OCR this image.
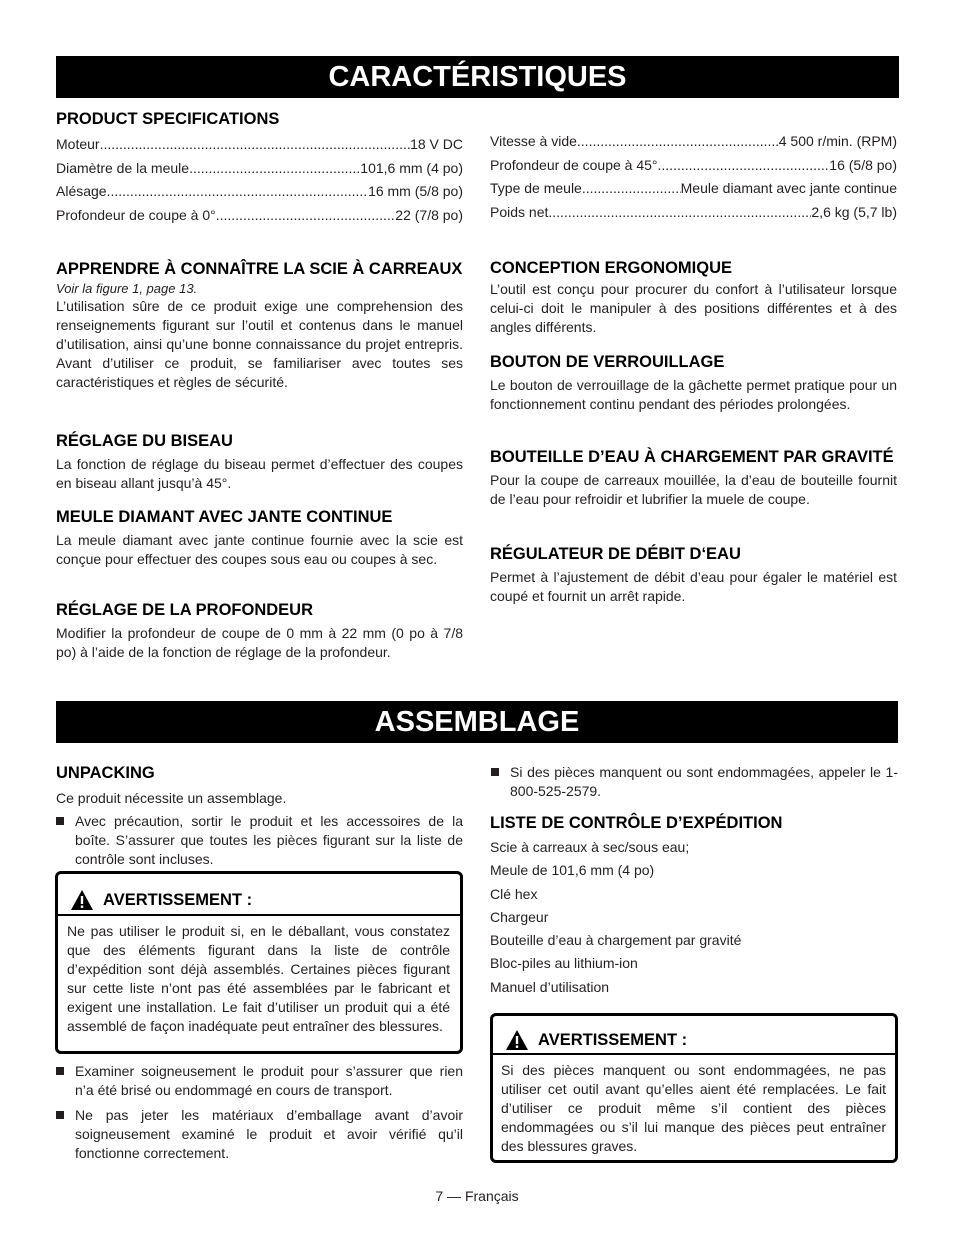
CARACTÉRISTIQUES
PRODUCT SPECIFICATIONS
Moteur .....	18 V DC
Diamètre de la meule .....	101,6 mm (4 po)
Alésage .....	16 mm (5/8 po)
Profondeur de coupe à 0° .....	22 (7/8 po)
Vitesse à vide .....	4 500 r/min. (RPM)
Profondeur de coupe à 45° .....	16 (5/8 po)
Type de meule .....	Meule diamant avec jante continue
Poids net .....	2,6 kg (5,7 lb)
APPRENDRE À CONNAÎTRE LA SCIE À CARREAUX
Voir la figure 1, page 13.
L’utilisation sûre de ce produit exige une comprehension des renseignements figurant sur l’outil et contenus dans le manuel d’utilisation, ainsi qu’une bonne connaissance du projet entrepris. Avant d’utiliser ce produit, se familiariser avec toutes ses caractéristiques et règles de sécurité.
RÉGLAGE DU BISEAU
La fonction de réglage du biseau permet d’effectuer des coupes en biseau allant jusqu’à 45°.
MEULE DIAMANT AVEC JANTE CONTINUE
La meule diamant avec jante continue fournie avec la scie est conçue pour effectuer des coupes sous eau ou coupes à sec.
RÉGLAGE DE LA PROFONDEUR
Modifier la profondeur de coupe de 0 mm à 22 mm (0 po à 7/8 po) à l’aide de la fonction de réglage de la profondeur.
CONCEPTION ERGONOMIQUE
L’outil est conçu pour procurer du confort à l’utilisateur lorsque celui-ci doit le manipuler à des positions différentes et à des angles différents.
BOUTON DE VERROUILLAGE
Le bouton de verrouillage de la gâchette permet pratique pour un fonctionnement continu pendant des périodes prolongées.
BOUTEILLE D’EAU À CHARGEMENT PAR GRAVITÉ
Pour la coupe de carreaux mouillée, la d’eau de bouteille fournit de l’eau pour refroidir et lubrifier la muele de coupe.
RÉGULATEUR DE DÉBIT D‘EAU
Permet à l’ajustement de débit d’eau pour égaler le matériel est coupé et fournit un arrêt rapide.
ASSEMBLAGE
UNPACKING
Ce produit nécessite un assemblage.
Avec précaution, sortir le produit et les accessoires de la boîte. S’assurer que toutes les pièces figurant sur la liste de contrôle sont incluses.
AVERTISSEMENT :
Ne pas utiliser le produit si, en le déballant, vous constatez que des éléments figurant dans la liste de contrôle d’expédition sont déjà assemblés. Certaines pièces figurant sur cette liste n’ont pas été assemblées par le fabricant et exigent une installation. Le fait d’utiliser un produit qui a été assemblé de façon inadéquate peut entraîner des blessures.
Examiner soigneusement le produit pour s’assurer que rien n’a été brisé ou endommagé en cours de transport.
Ne pas jeter les matériaux d’emballage avant d’avoir soigneusement examiné le produit et avoir vérifié qu’il fonctionne correctement.
Si des pièces manquent ou sont endommagées, appeler le 1-800-525-2579.
LISTE DE CONTRÔLE D’EXPÉDITION
Scie à carreaux à sec/sous eau;
Meule de 101,6 mm (4 po)
Clé hex
Chargeur
Bouteille d’eau à chargement par gravité
Bloc-piles au lithium-ion
Manuel d’utilisation
AVERTISSEMENT :
Si des pièces manquent ou sont endommagées, ne pas utiliser cet outil avant qu’elles aient été remplacées. Le fait d’utiliser ce produit même s’il contient des pièces endommagées ou s’il lui manque des pièces peut entraîner des blessures graves.
7 — Français
